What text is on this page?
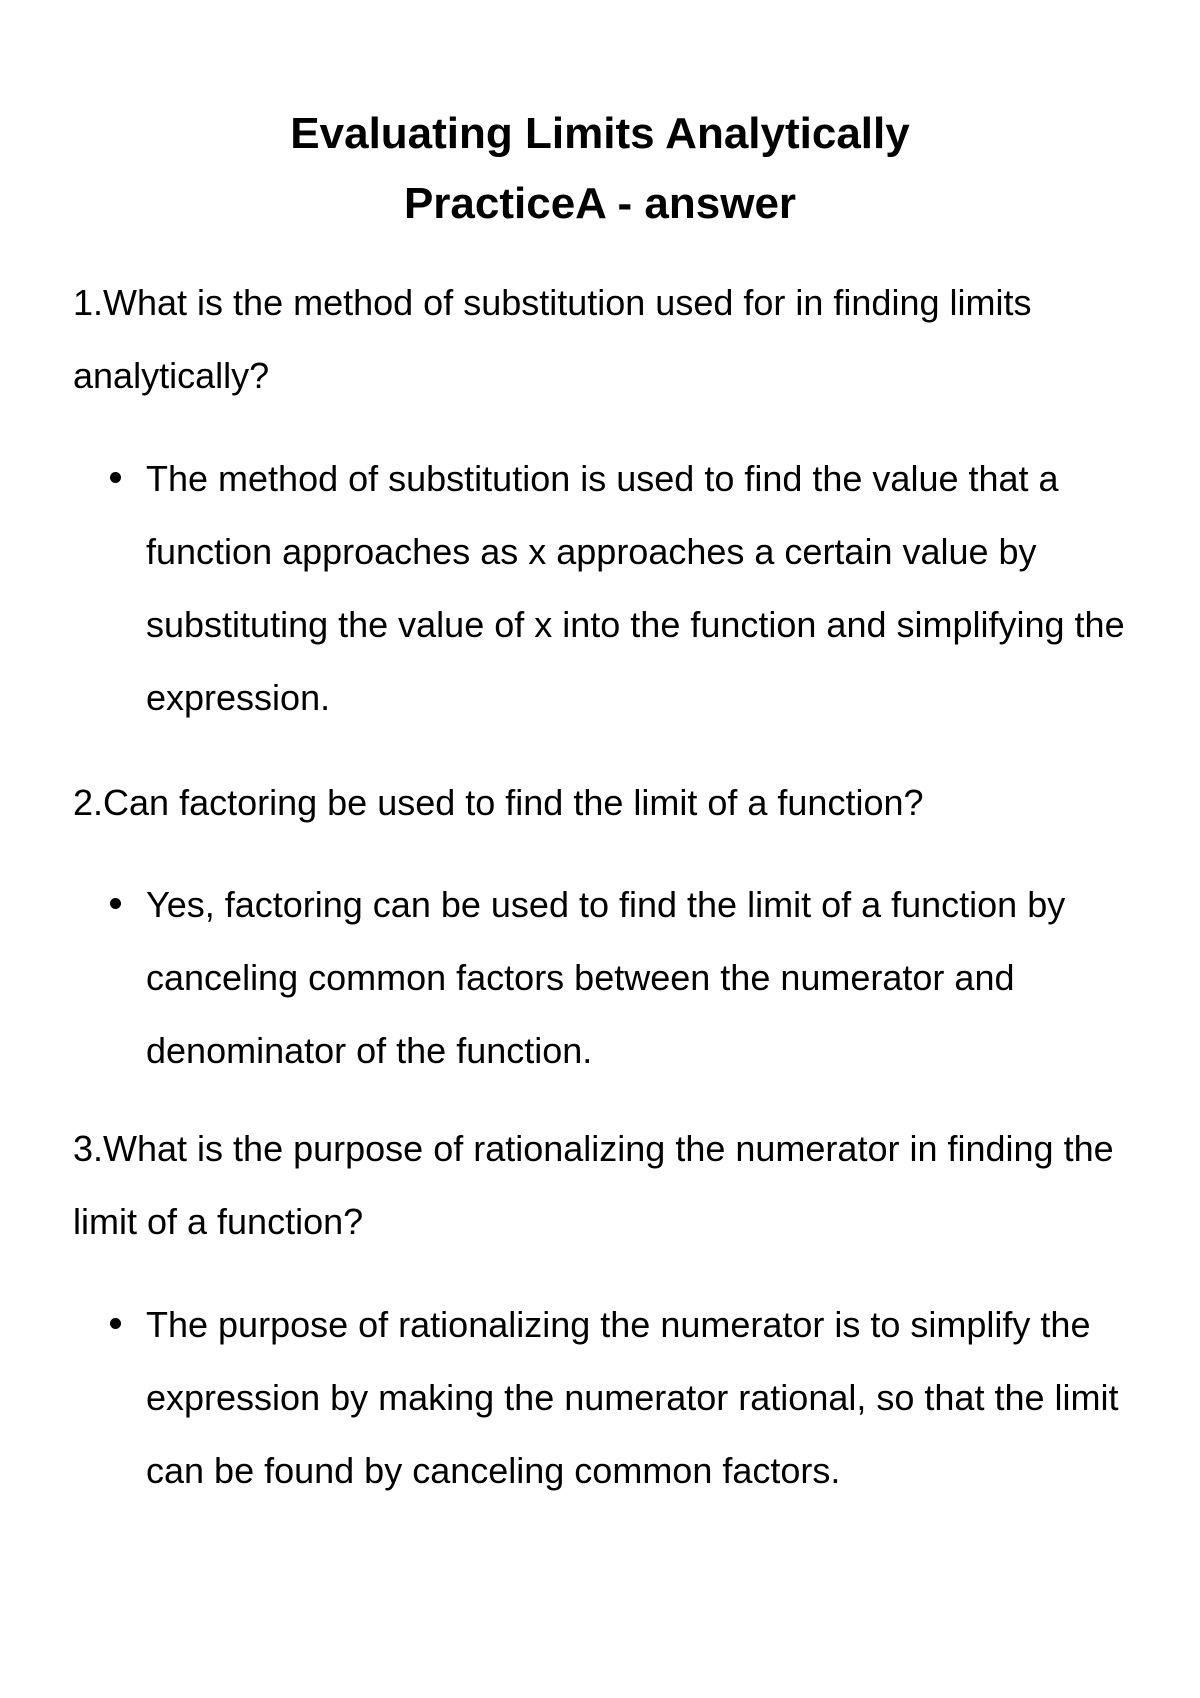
Evaluating Limits Analytically
PracticeA - answer

1.What is the method of substitution used for in finding limits analytically?

The method of substitution is used to find the value that a function approaches as x approaches a certain value by substituting the value of x into the function and simplifying the expression.

2.Can factoring be used to find the limit of a function?

Yes, factoring can be used to find the limit of a function by canceling common factors between the numerator and denominator of the function.

3.What is the purpose of rationalizing the numerator in finding the limit of a function?

The purpose of rationalizing the numerator is to simplify the expression by making the numerator rational, so that the limit can be found by canceling common factors.
